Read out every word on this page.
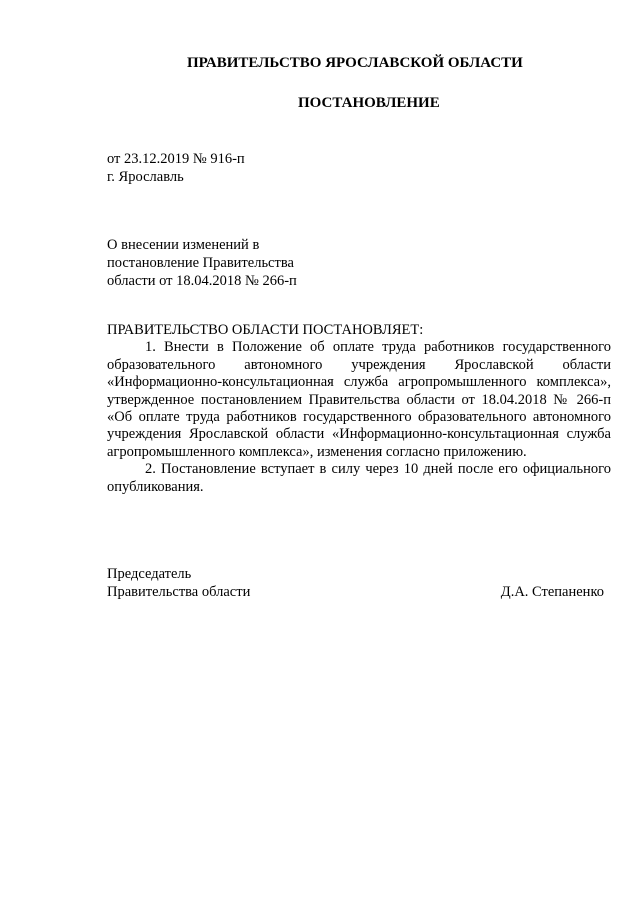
ПРАВИТЕЛЬСТВО ЯРОСЛАВСКОЙ ОБЛАСТИ
ПОСТАНОВЛЕНИЕ
от 23.12.2019 № 916-п
г. Ярославль
О внесении изменений в
постановление Правительства
области от 18.04.2018 № 266-п
ПРАВИТЕЛЬСТВО ОБЛАСТИ ПОСТАНОВЛЯЕТ:

1. Внести в Положение об оплате труда работников государственного образовательного автономного учреждения Ярославской области «Информационно-консультационная служба агропромышленного комплекса», утвержденное постановлением Правительства области от 18.04.2018 № 266-п «Об оплате труда работников государственного образовательного автономного учреждения Ярославской области «Информационно-консультационная служба агропромышленного комплекса», изменения согласно приложению.

2. Постановление вступает в силу через 10 дней после его официального опубликования.

Председатель
Правительства области	Д.А. Степаненко
